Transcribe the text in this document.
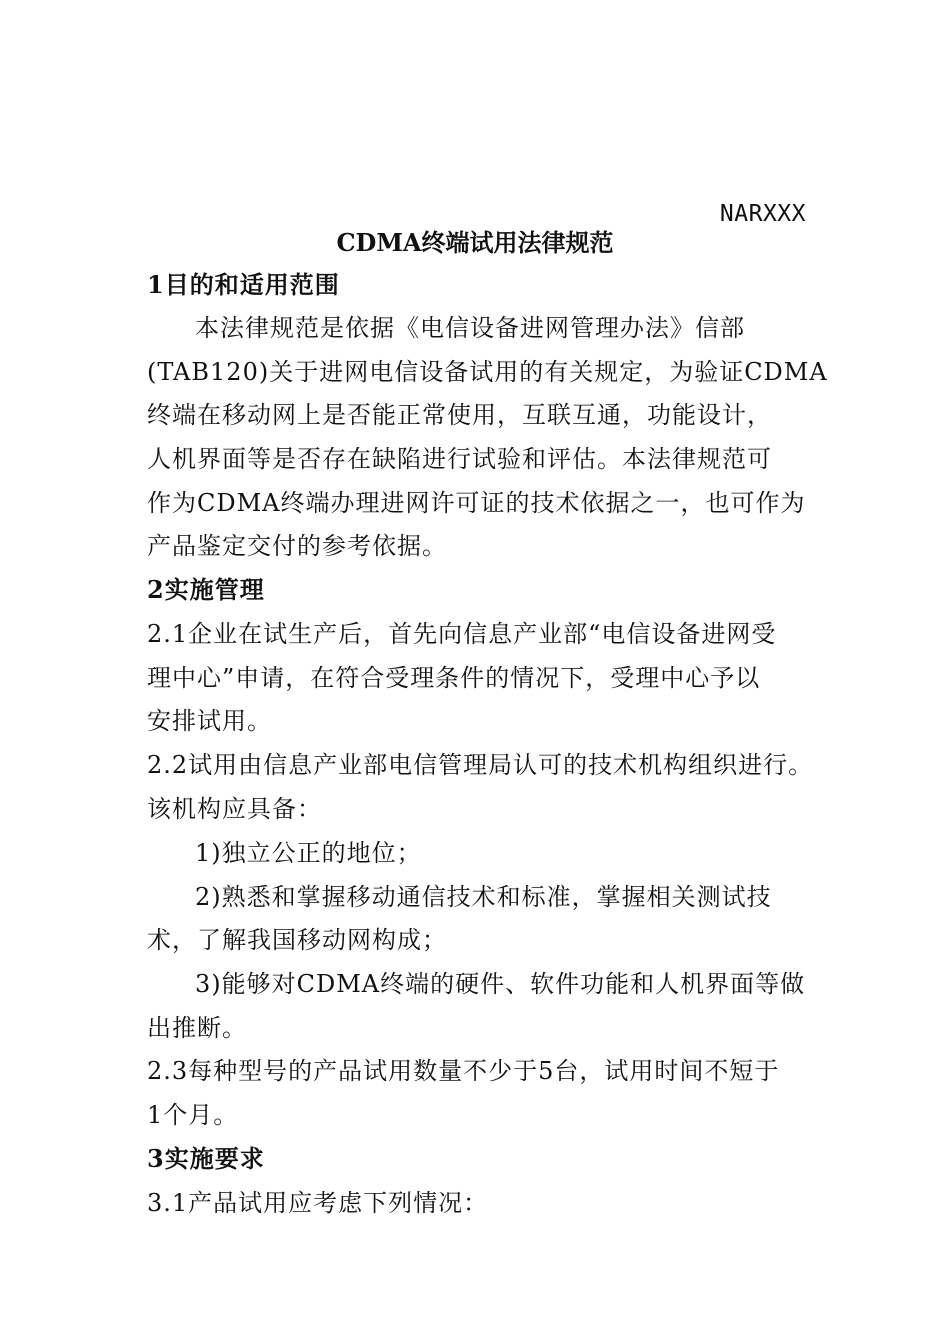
NARXXX
CDMA终端试用法律规范
1目的和适用范围
本法律规范是依据《电信设备进网管理办法》信部
(TAB120)关于进网电信设备试用的有关规定，为验证CDMA
终端在移动网上是否能正常使用，互联互通，功能设计，
人机界面等是否存在缺陷进行试验和评估。本法律规范可
作为CDMA终端办理进网许可证的技术依据之一，也可作为
产品鉴定交付的参考依据。
2实施管理
2.1企业在试生产后，首先向信息产业部“电信设备进网受
理中心”申请，在符合受理条件的情况下，受理中心予以
安排试用。
2.2试用由信息产业部电信管理局认可的技术机构组织进行。
该机构应具备：
1)独立公正的地位；
2)熟悉和掌握移动通信技术和标准，掌握相关测试技
术，了解我国移动网构成；
3)能够对CDMA终端的硬件、软件功能和人机界面等做
出推断。
2.3每种型号的产品试用数量不少于5台，试用时间不短于
1个月。
3实施要求
3.1产品试用应考虑下列情况：
